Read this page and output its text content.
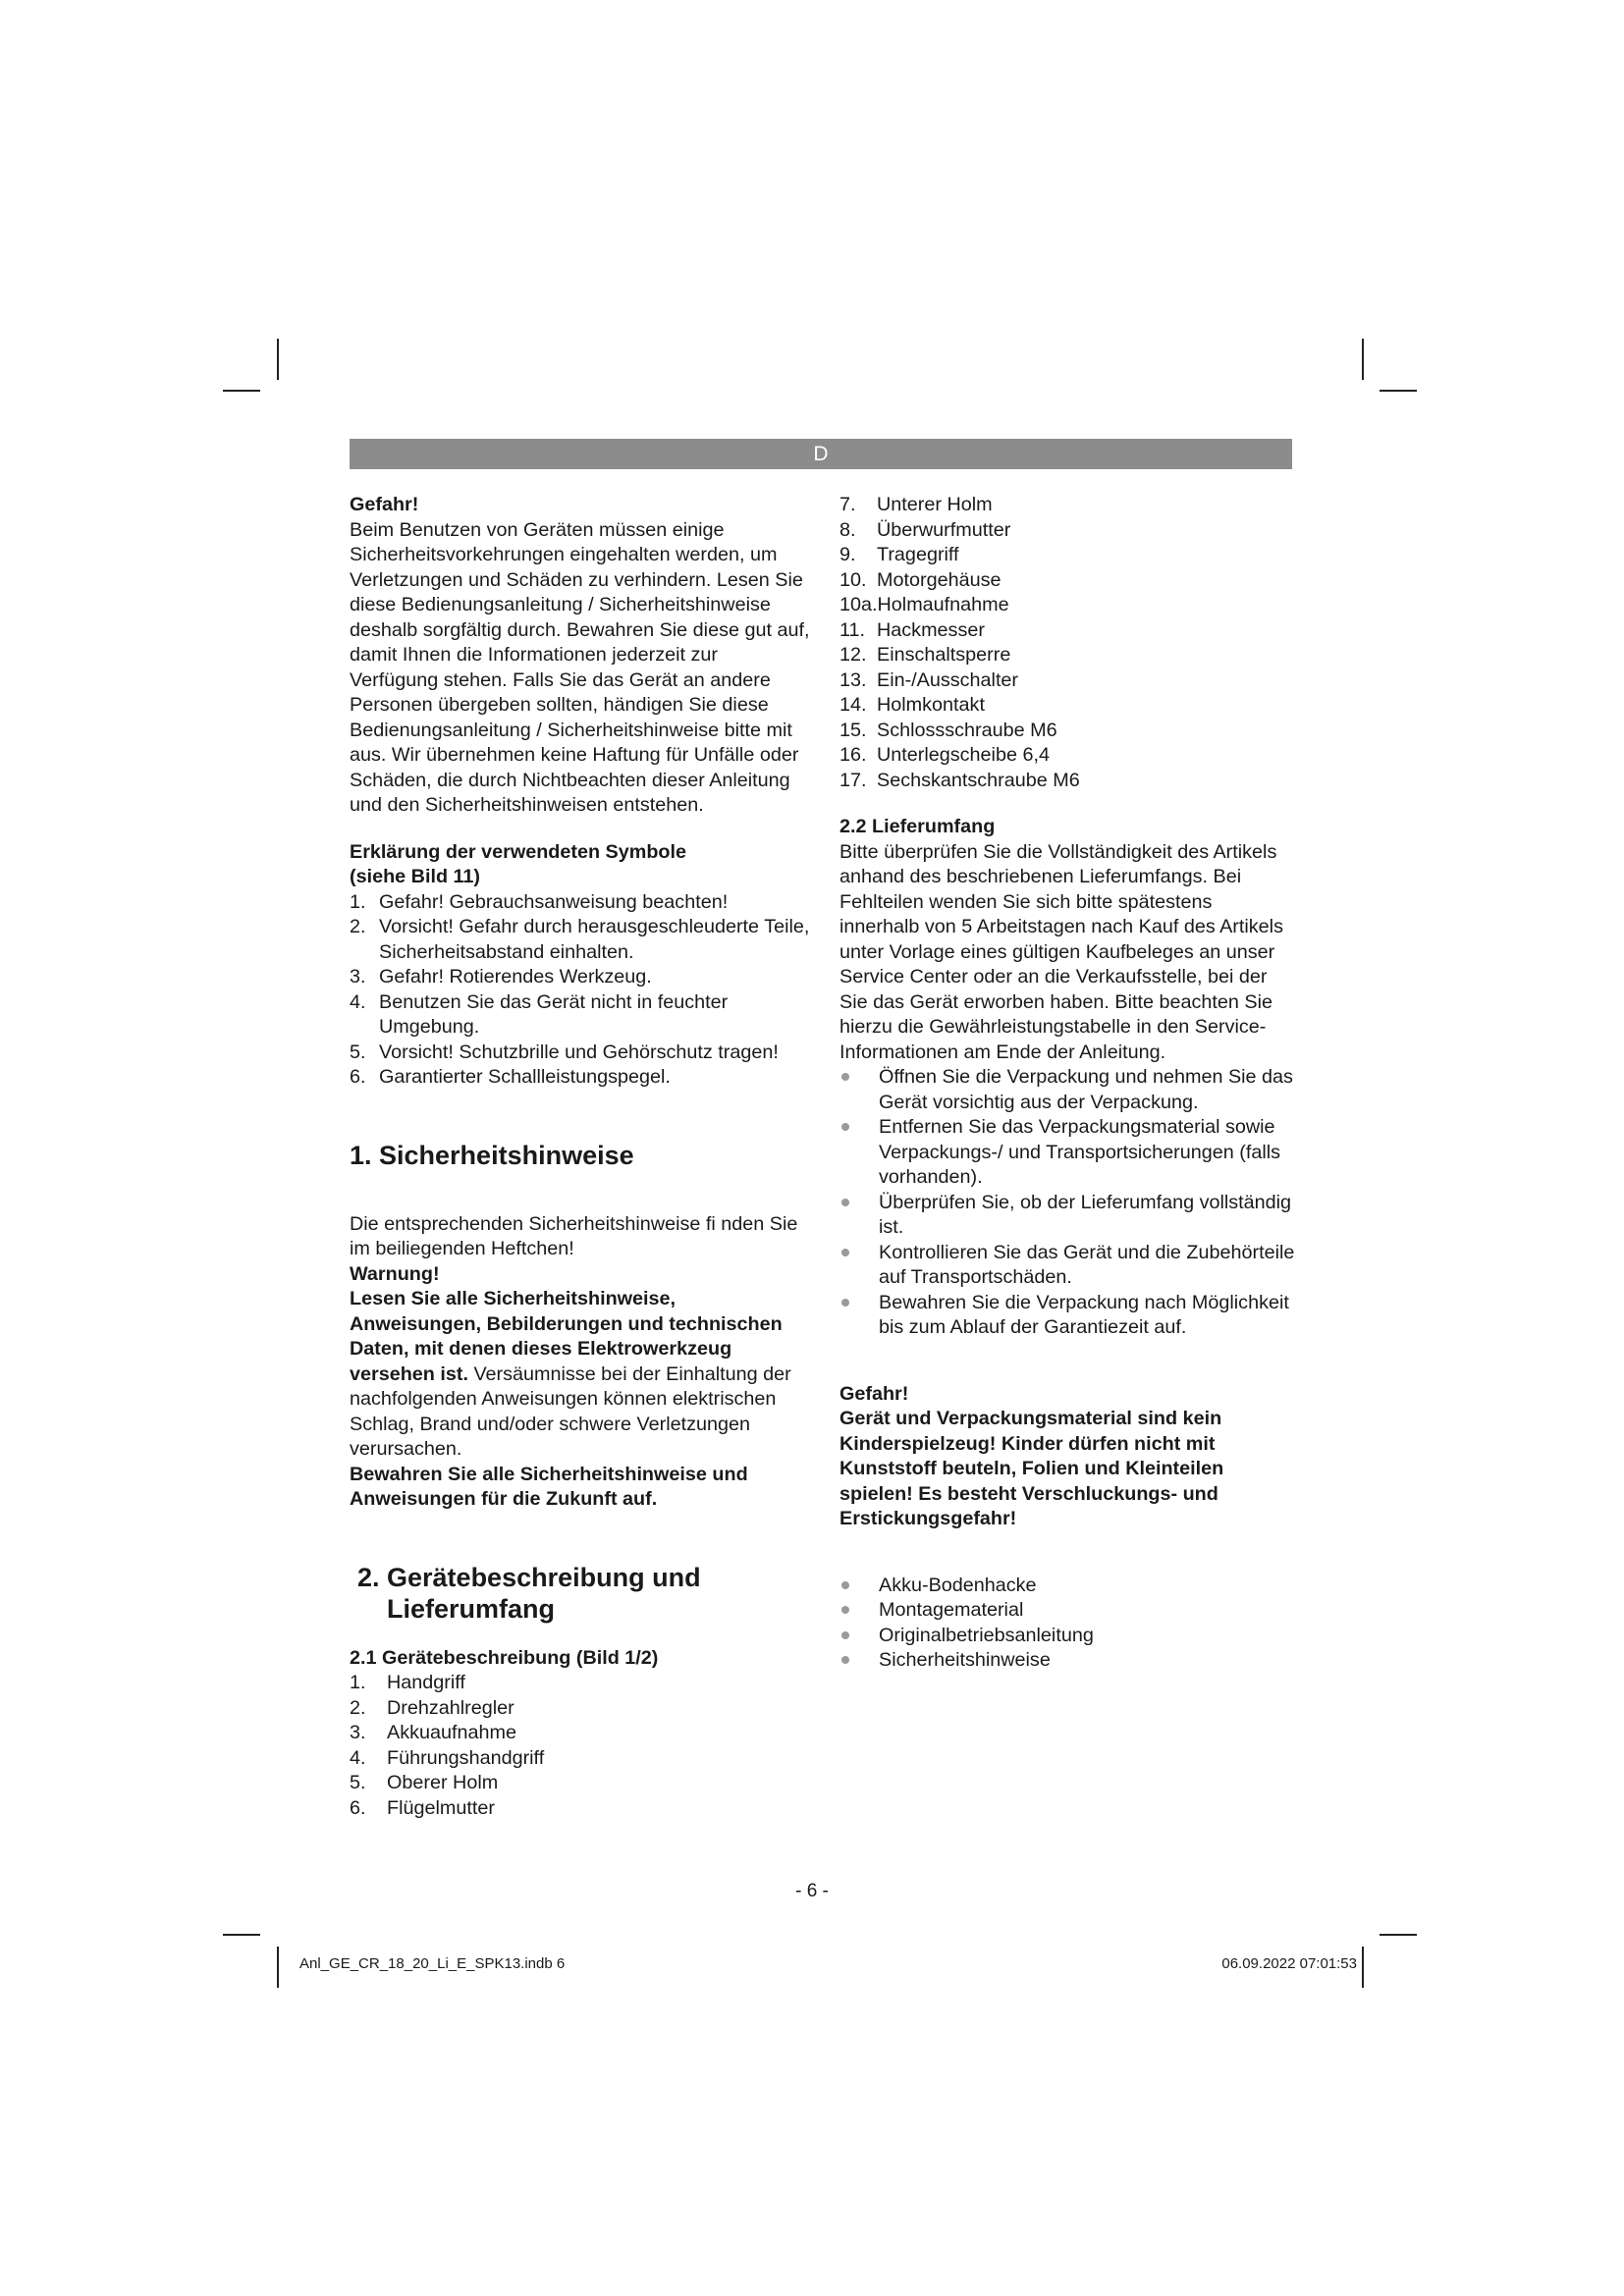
D

Gefahr!

Beim Benutzen von Geräten müssen einige Sicherheitsvorkehrungen eingehalten werden, um Verletzungen und Schäden zu verhindern. Lesen Sie diese Bedienungsanleitung / Sicherheitshinweise deshalb sorgfältig durch. Bewahren Sie diese gut auf, damit Ihnen die Informationen jederzeit zur Verfügung stehen. Falls Sie das Gerät an andere Personen übergeben sollten, händigen Sie diese Bedienungsanleitung / Sicherheitshinweise bitte mit aus. Wir übernehmen keine Haftung für Unfälle oder Schäden, die durch Nichtbeachten dieser Anleitung und den Sicherheitshinweisen entstehen.

Erklärung der verwendeten Symbole

(siehe Bild 11)

1. Gefahr! Gebrauchsanweisung beachten!
2. Vorsicht! Gefahr durch herausgeschleuderte Teile, Sicherheitsabstand einhalten.
3. Gefahr! Rotierendes Werkzeug.
4. Benutzen Sie das Gerät nicht in feuchter Umgebung.
5. Vorsicht! Schutzbrille und Gehörschutz tragen!
6. Garantierter Schallleistungspegel.
1. Sicherheitshinweise

Die entsprechenden Sicherheitshinweise fi nden Sie im beiliegenden Heftchen!

Warnung!

Lesen Sie alle Sicherheitshinweise, Anweisungen, Bebilderungen und technischen Daten, mit denen dieses Elektrowerkzeug versehen ist. Versäumnisse bei der Einhaltung der nachfolgenden Anweisungen können elektrischen Schlag, Brand und/oder schwere Verletzungen verursachen.

Bewahren Sie alle Sicherheitshinweise und Anweisungen für die Zukunft auf.

2. Gerätebeschreibung und
Lieferumfang

2.1 Gerätebeschreibung (Bild 1/2)

1.	Handgriff
2.	Drehzahlregler
3.	Akkuaufnahme
4.	Führungshandgriff
5.	Oberer Holm
6.	Flügelmutter
7.	Unterer Holm
8.	Überwurfmutter
9.	Tragegriff
10. Motorgehäuse
10a. Holmaufnahme
11. Hackmesser
12. Einschaltsperre
13. Ein-/Ausschalter
14. Holmkontakt
15. Schlossschraube M6
16. Unterlegscheibe 6,4
17. Sechskantschraube M6

2.2 Lieferumfang

Bitte überprüfen Sie die Vollständigkeit des Artikels anhand des beschriebenen Lieferumfangs. Bei Fehlteilen wenden Sie sich bitte spätestens innerhalb von 5 Arbeitstagen nach Kauf des Artikels unter Vorlage eines gültigen Kaufbeleges an unser Service Center oder an die Verkaufsstelle, bei der Sie das Gerät erworben haben. Bitte beachten Sie hierzu die Gewährleistungstabelle in den Service-Informationen am Ende der Anleitung.

Öffnen Sie die Verpackung und nehmen Sie das Gerät vorsichtig aus der Verpackung.
Entfernen Sie das Verpackungsmaterial sowie Verpackungs-/ und Transportsicherungen (falls vorhanden).
Überprüfen Sie, ob der Lieferumfang vollständig ist.
Kontrollieren Sie das Gerät und die Zubehörteile auf Transportschäden.
Bewahren Sie die Verpackung nach Möglichkeit bis zum Ablauf der Garantiezeit auf.

Gefahr!

Gerät und Verpackungsmaterial sind kein Kinderspielzeug! Kinder dürfen nicht mit Kunststoff beuteln, Folien und Kleinteilen spielen! Es besteht Verschluckungs- und Erstickungsgefahr!

Akku-Bodenhacke
Montagematerial
Originalbetriebsanleitung
Sicherheitshinweise
- 6 -
Anl_GE_CR_18_20_Li_E_SPK13.indb 6	06.09.2022 07:01:53
